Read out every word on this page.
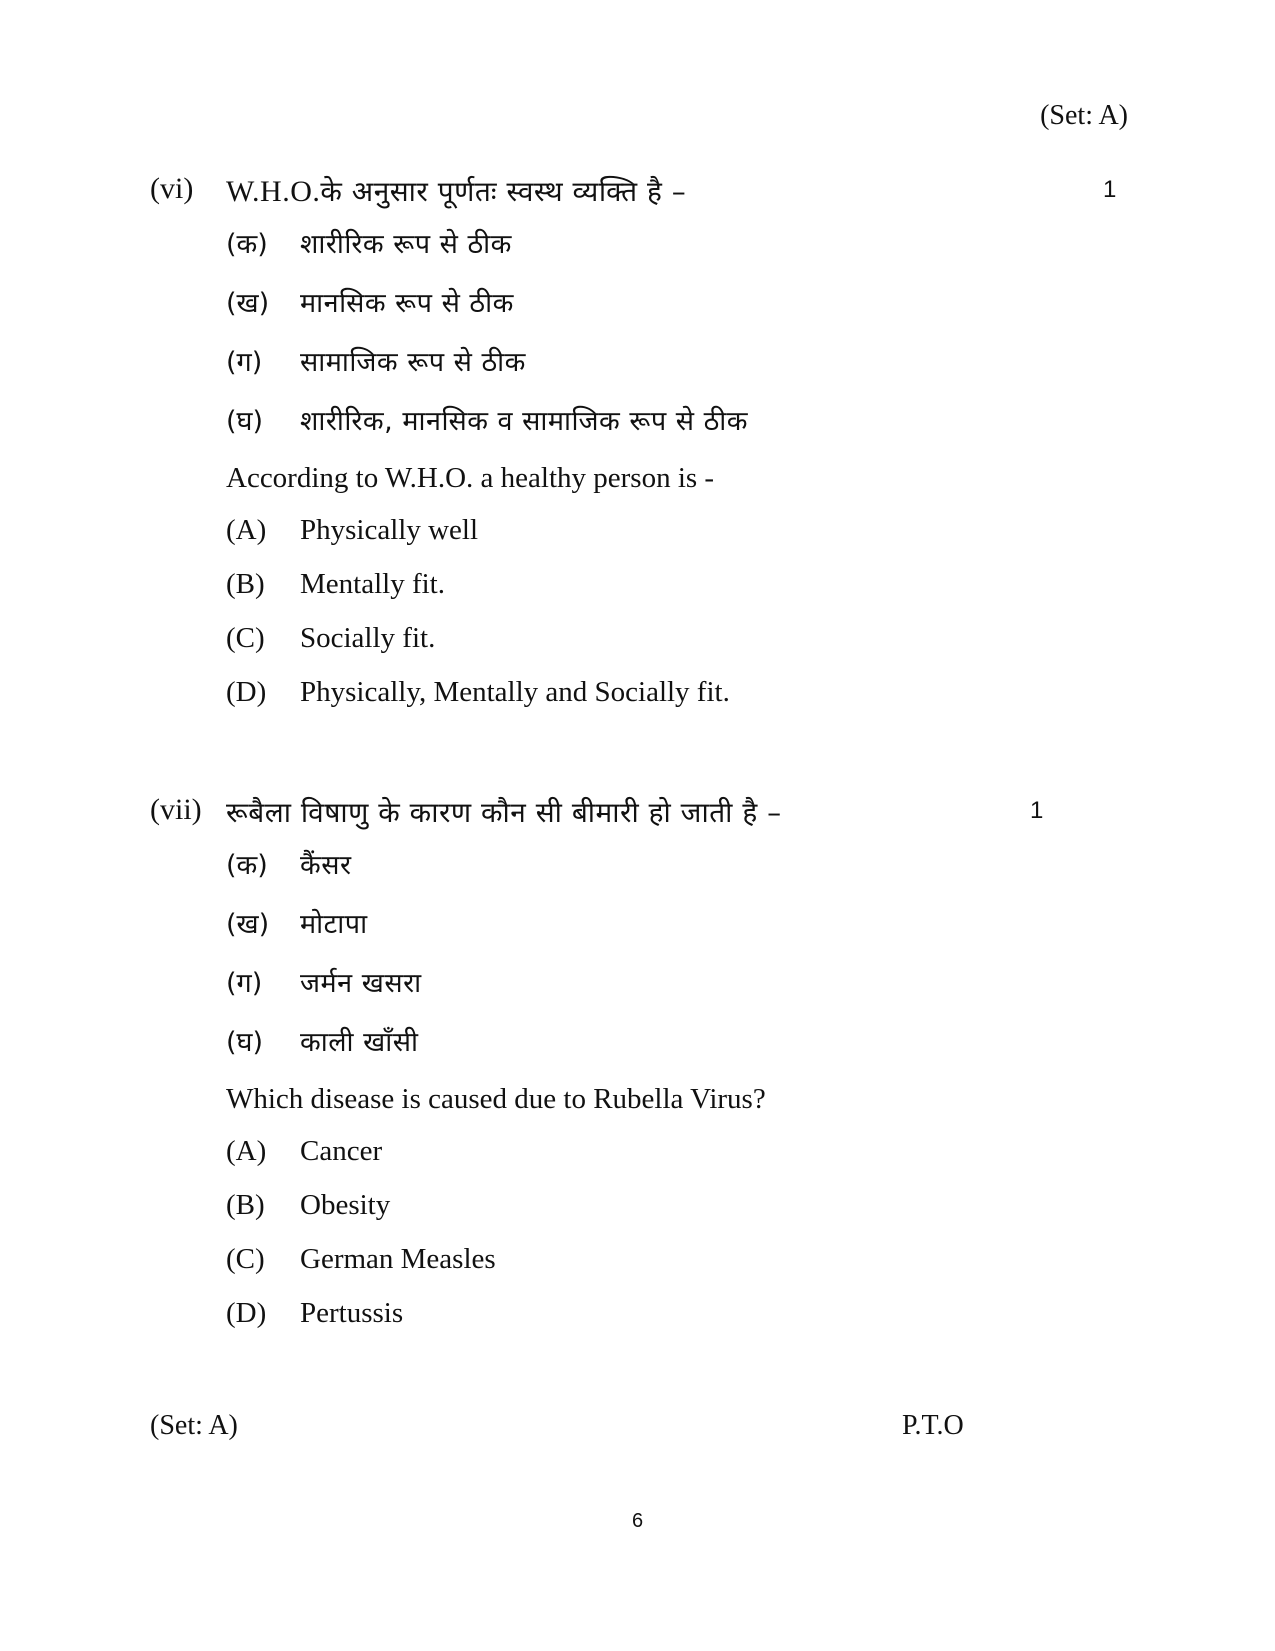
(Set: A)
(vi) W.H.O.के अनुसार पूर्णतः स्वस्थ व्यक्ति है –	1
(क) शारीरिक रूप से ठीक
(ख) मानसिक रूप से ठीक
(ग) सामाजिक रूप से ठीक
(घ) शारीरिक, मानसिक व सामाजिक रूप से ठीक
According to W.H.O. a healthy person is -
(A) Physically well
(B) Mentally fit.
(C) Socially fit.
(D) Physically, Mentally and Socially fit.
(vii) रूबैला विषाणु के कारण कौन सी बीमारी हो जाती है –	1
(क) कैंसर
(ख) मोटापा
(ग) जर्मन खसरा
(घ) काली खाँसी
Which disease is caused due to Rubella Virus?
(A) Cancer
(B) Obesity
(C) German Measles
(D) Pertussis
(Set: A)	P.T.O
6
